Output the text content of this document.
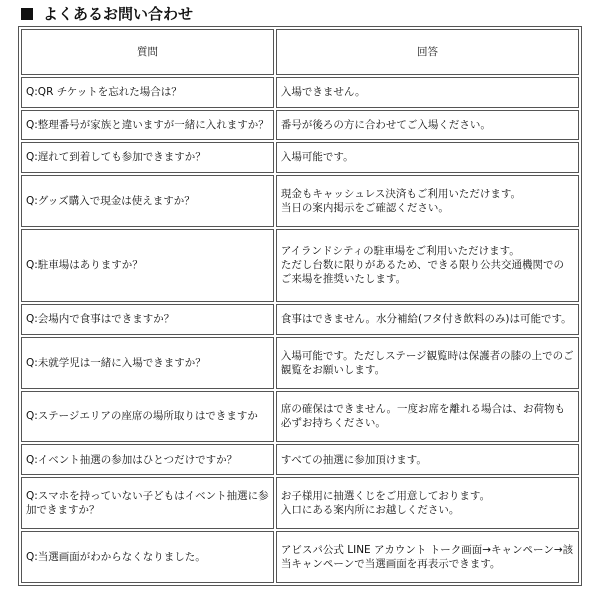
よくあるお問い合わせ
質問	回答
Q:QR チケットを忘れた場合は？	入場できません。
Q:整理番号が家族と違いますが一緒に入れますか？	番号が後ろの方に合わせてご入場ください。
Q:遅れて到着しても参加できますか？	入場可能です。
Q:グッズ購入で現金は使えますか？	現金もキャッシュレス決済もご利用いただけます。
当日の案内掲示をご確認ください。
Q:駐車場はありますか？	アイランドシティの駐車場をご利用いただけます。
ただし台数に限りがあるため、できる限り公共交通機関でのご来場を推奨いたします。
Q:会場内で食事はできますか？	食事はできません。水分補給(フタ付き飲料のみ)は可能です。
Q:未就学児は一緒に入場できますか？	入場可能です。ただしステージ観覧時は保護者の膝の上でのご観覧をお願いします。
Q:ステージエリアの座席の場所取りはできますか	席の確保はできません。一度お席を離れる場合は、お荷物も必ずお持ちください。
Q:イベント抽選の参加はひとつだけですか？	すべての抽選に参加頂けます。
Q:スマホを持っていない子どもはイベント抽選に参加できますか？	お子様用に抽選くじをご用意しております。
入口にある案内所にお越しください。
Q:当選画面がわからなくなりました。	アビスパ公式 LINE アカウント トーク画面→キャンペーン→該当キャンペーンで当選画面を再表示できます。
